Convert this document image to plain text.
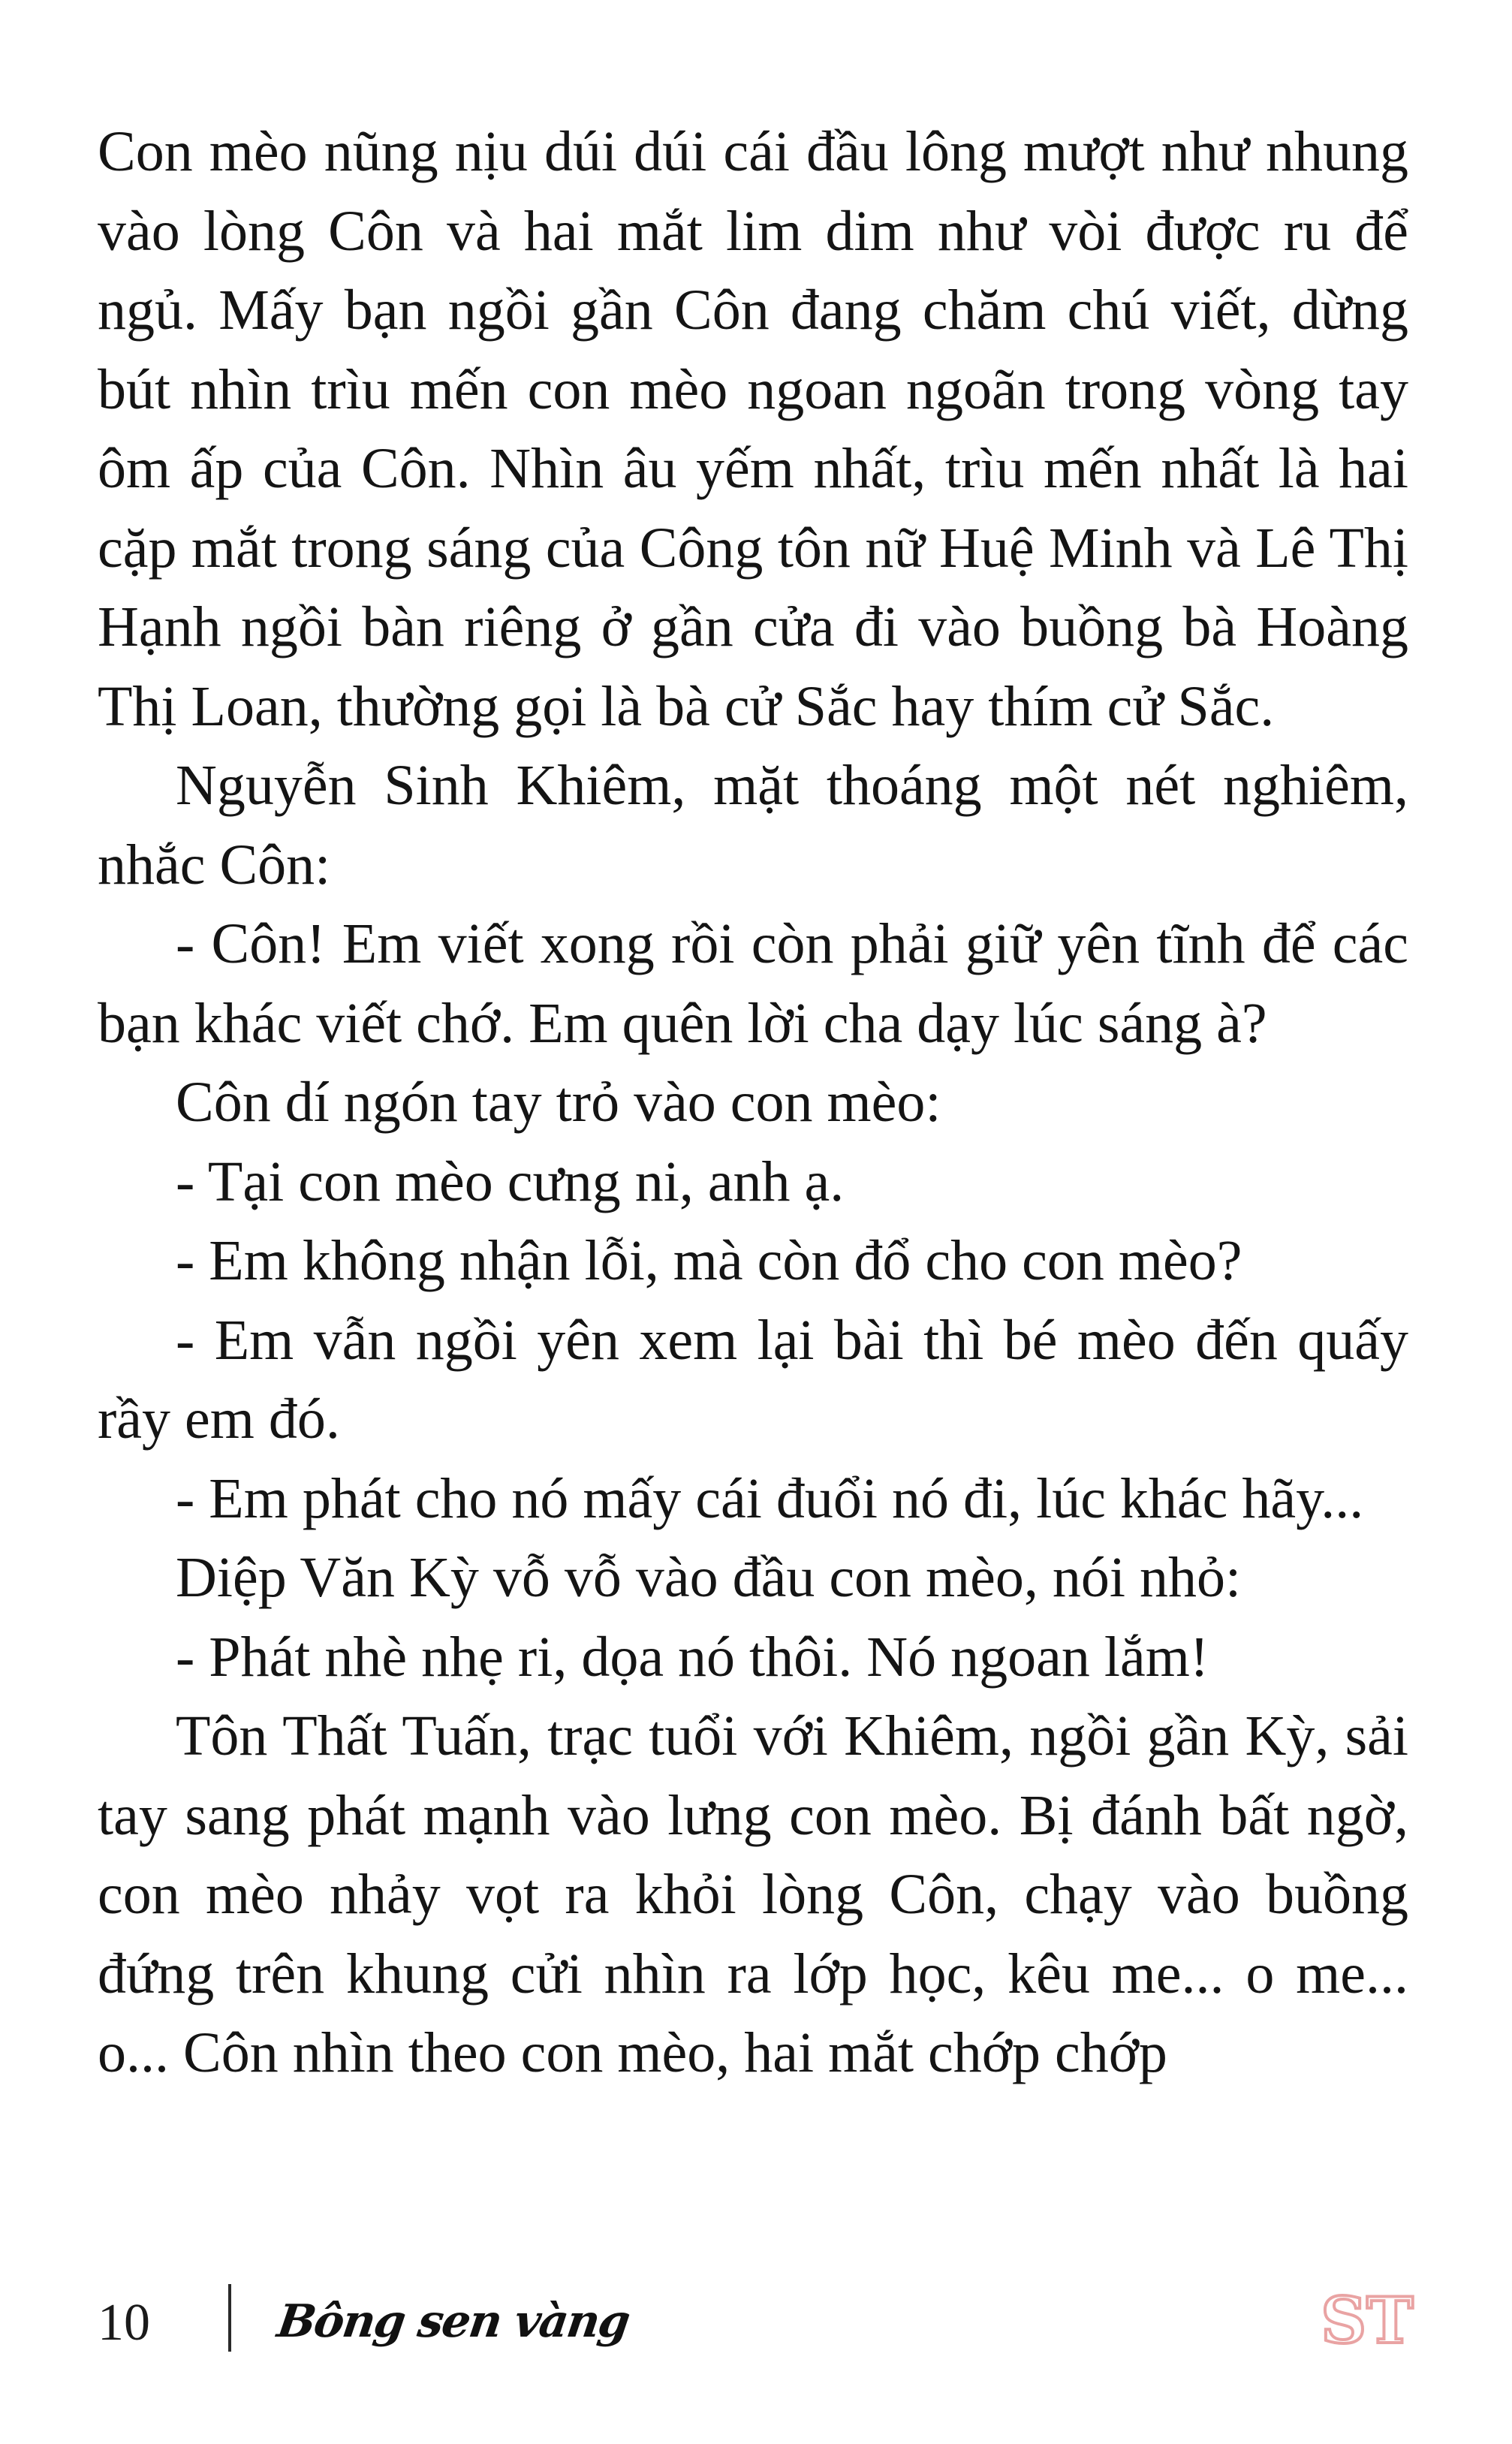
Con mèo nũng nịu dúi dúi cái đầu lông mượt như nhung vào lòng Côn và hai mắt lim dim như vòi được ru để ngủ. Mấy bạn ngồi gần Côn đang chăm chú viết, dừng bút nhìn trìu mến con mèo ngoan ngoãn trong vòng tay ôm ấp của Côn. Nhìn âu yếm nhất, trìu mến nhất là hai cặp mắt trong sáng của Công tôn nữ Huệ Minh và Lê Thị Hạnh ngồi bàn riêng ở gần cửa đi vào buồng bà Hoàng Thị Loan, thường gọi là bà cử Sắc hay thím cử Sắc.

Nguyễn Sinh Khiêm, mặt thoáng một nét nghiêm, nhắc Côn:

- Côn! Em viết xong rồi còn phải giữ yên tĩnh để các bạn khác viết chớ. Em quên lời cha dạy lúc sáng à?

Côn dí ngón tay trỏ vào con mèo:

- Tại con mèo cưng ni, anh ạ.

- Em không nhận lỗi, mà còn đổ cho con mèo?

- Em vẫn ngồi yên xem lại bài thì bé mèo đến quấy rầy em đó.

- Em phát cho nó mấy cái đuổi nó đi, lúc khác hãy...

Diệp Văn Kỳ vỗ vỗ vào đầu con mèo, nói nhỏ:

- Phát nhè nhẹ ri, dọa nó thôi. Nó ngoan lắm!

Tôn Thất Tuấn, trạc tuổi với Khiêm, ngồi gần Kỳ, sải tay sang phát mạnh vào lưng con mèo. Bị đánh bất ngờ, con mèo nhảy vọt ra khỏi lòng Côn, chạy vào buồng đứng trên khung cửi nhìn ra lớp học, kêu me... o me... o... Côn nhìn theo con mèo, hai mắt chớp chớp

10	Bông sen vàng	ST
